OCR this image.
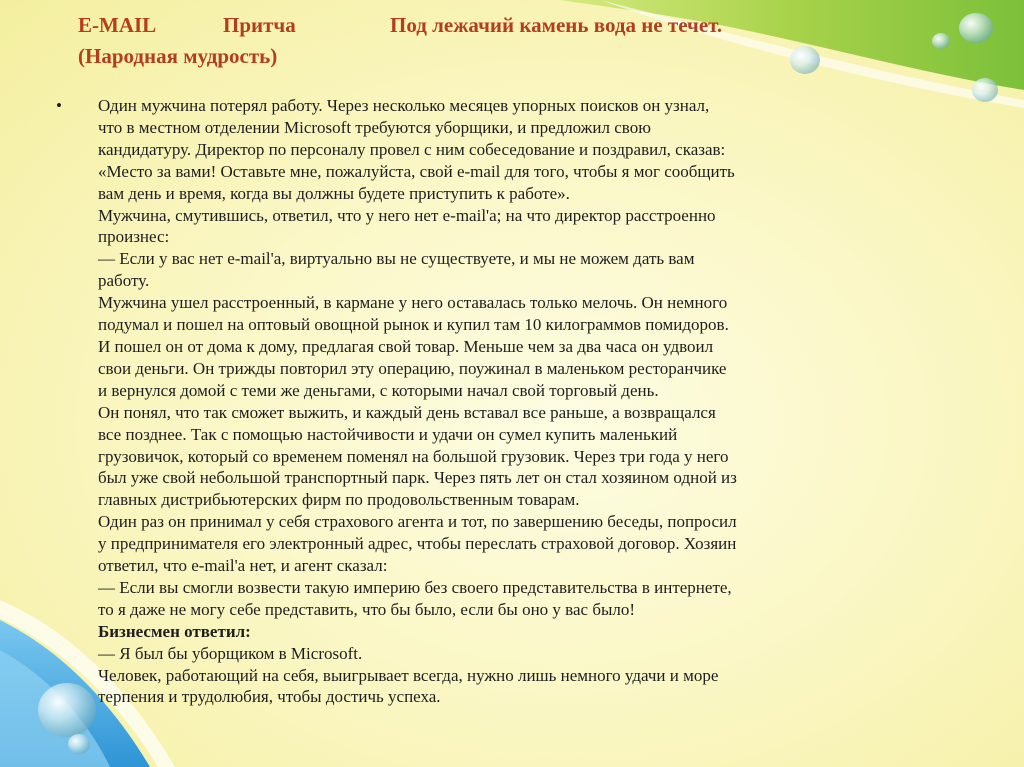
E-MAIL	Притча	Под лежачий камень вода не течет.
(Народная мудрость)
• Один мужчина потерял работу. Через несколько месяцев упорных поисков он узнал,
что в местном отделении Microsoft требуются уборщики, и предложил свою
кандидатуру. Директор по персоналу провел с ним собеседование и поздравил, сказав:
«Место за вами! Оставьте мне, пожалуйста, свой e-mail для того, чтобы я мог сообщить
вам день и время, когда вы должны будете приступить к работе».
Мужчина, смутившись, ответил, что у него нет e-mail'а; на что директор расстроенно
произнес:
— Если у вас нет e-mail'а, виртуально вы не существуете, и мы не можем дать вам
работу.
Мужчина ушел расстроенный, в кармане у него оставалась только мелочь. Он немного
подумал и пошел на оптовый овощной рынок и купил там 10 килограммов помидоров.
И пошел он от дома к дому, предлагая свой товар. Меньше чем за два часа он удвоил
свои деньги. Он трижды повторил эту операцию, поужинал в маленьком ресторанчике
и вернулся домой с теми же деньгами, с которыми начал свой торговый день.
Он понял, что так сможет выжить, и каждый день вставал все раньше, а возвращался
все позднее. Так с помощью настойчивости и удачи он сумел купить маленький
грузовичок, который со временем поменял на большой грузовик. Через три года у него
был уже свой небольшой транспортный парк. Через пять лет он стал хозяином одной из
главных дистрибьютерских фирм по продовольственным товарам.
Один раз он принимал у себя страхового агента и тот, по завершению беседы, попросил
у предпринимателя его электронный адрес, чтобы переслать страховой договор. Хозяин
ответил, что e-mail'а нет, и агент сказал:
— Если вы смогли возвести такую империю без своего представительства в интернете,
то я даже не могу себе представить, что бы было, если бы оно у вас было!
Бизнесмен ответил:
— Я был бы уборщиком в Microsoft.
Человек, работающий на себя, выигрывает всегда, нужно лишь немного удачи и море
терпения и трудолюбия, чтобы достичь успеха.
